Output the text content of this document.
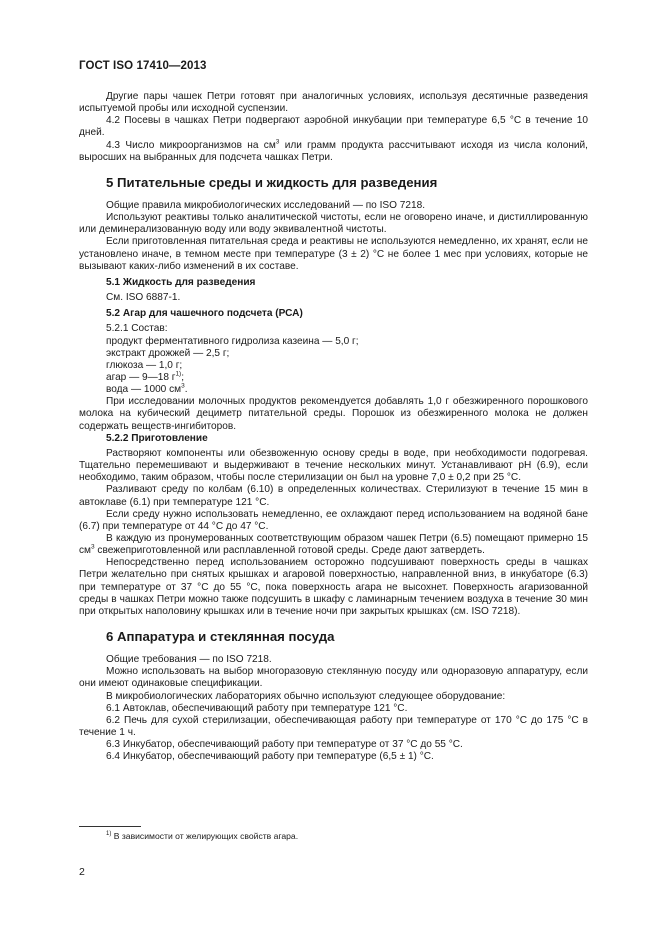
ГОСТ ISO 17410—2013

Другие пары чашек Петри готовят при аналогичных условиях, используя десятичные разведения испытуемой пробы или исходной суспензии.

4.2 Посевы в чашках Петри подвергают аэробной инкубации при температуре 6,5 °С в течение 10 дней.

4.3 Число микроорганизмов на $см^3$ или грамм продукта рассчитывают исходя из числа колоний, выросших на выбранных для подсчета чашках Петри.

5 Питательные среды и жидкость для разведения

Общие правила микробиологических исследований — по ISO 7218.

Используют реактивы только аналитической чистоты, если не оговорено иначе, и дистиллированную или деминерализованную воду или воду эквивалентной чистоты.

Если приготовленная питательная среда и реактивы не используются немедленно, их хранят, если не установлено иначе, в темном месте при температуре (3 ± 2) °С не более 1 мес при условиях, которые не вызывают каких-либо изменений в их составе.

5.1 Жидкость для разведения

См. ISO 6887-1.

5.2 Агар для чашечного подсчета (РСА)

5.2.1 Состав:

продукт ферментативного гидролиза казеина — 5,0 г;

экстракт дрожжей — 2,5 г;

глюкоза — 1,0 г;

агар — 9—18 $г^{1)}$;

вода — 1000 $см^3$.

При исследовании молочных продуктов рекомендуется добавлять 1,0 г обезжиренного порошкового молока на кубический дециметр питательной среды. Порошок из обезжиренного молока не должен содержать веществ-ингибиторов.

5.2.2 Приготовление

Растворяют компоненты или обезвоженную основу среды в воде, при необходимости подогревая. Тщательно перемешивают и выдерживают в течение нескольких минут. Устанавливают pH (6.9), если необходимо, таким образом, чтобы после стерилизации он был на уровне 7,0 ± 0,2 при 25 °С.

Разливают среду по колбам (6.10) в определенных количествах. Стерилизуют в течение 15 мин в автоклаве (6.1) при температуре 121 °С.

Если среду нужно использовать немедленно, ее охлаждают перед использованием на водяной бане (6.7) при температуре от 44 °С до 47 °С.

В каждую из пронумерованных соответствующим образом чашек Петри (6.5) помещают примерно 15 $см^3$ свежеприготовленной или расплавленной готовой среды. Среде дают затвердеть.

Непосредственно перед использованием осторожно подсушивают поверхность среды в чашках Петри желательно при снятых крышках и агаровой поверхностью, направленной вниз, в инкубаторе (6.3) при температуре от 37 °С до 55 °С, пока поверхность агара не высохнет. Поверхность агаризованной среды в чашках Петри можно также подсушить в шкафу с ламинарным течением воздуха в течение 30 мин при открытых наполовину крышках или в течение ночи при закрытых крышках (см. ISO 7218).

6 Аппаратура и стеклянная посуда

Общие требования — по ISO 7218.

Можно использовать на выбор многоразовую стеклянную посуду или одноразовую аппаратуру, если они имеют одинаковые спецификации.

В микробиологических лабораториях обычно используют следующее оборудование:

6.1 Автоклав, обеспечивающий работу при температуре 121 °С.

6.2 Печь для сухой стерилизации, обеспечивающая работу при температуре от 170 °С до 175 °С в течение 1 ч.

6.3 Инкубатор, обеспечивающий работу при температуре от 37 °С до 55 °С.

6.4 Инкубатор, обеспечивающий работу при температуре (6,5 ± 1) °С.

$^{1)}$ В зависимости от желирующих свойств агара.
2
